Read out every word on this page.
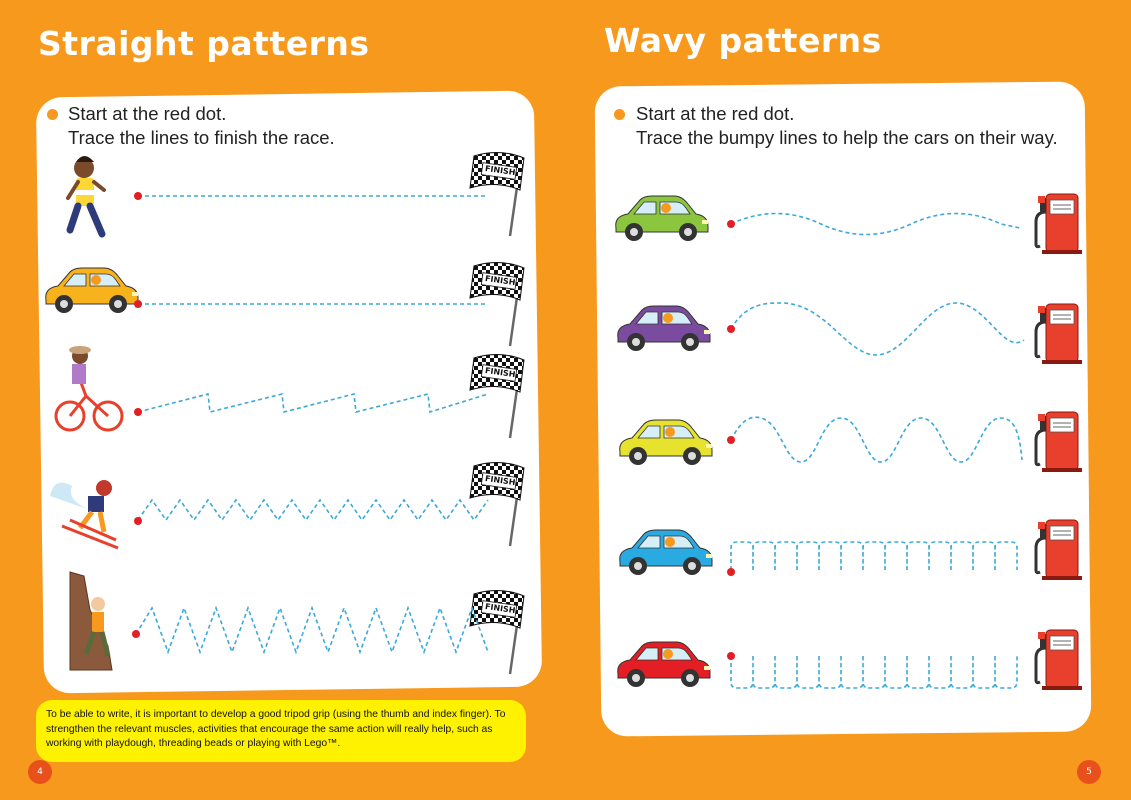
Straight patterns	Wavy patterns

Start at the red dot.

Trace the lines to finish the race.

Start at the red dot.

Trace the bumpy lines to help the cars on their way.

FINISH
FINISH
FINISH
FINISH
FINISH

To be able to write, it is important to develop a good tripod grip (using the thumb and index finger). To strengthen the relevant muscles, activities that encourage the same action will really help, such as working with playdough, threading beads or playing with Lego™.

4	5
